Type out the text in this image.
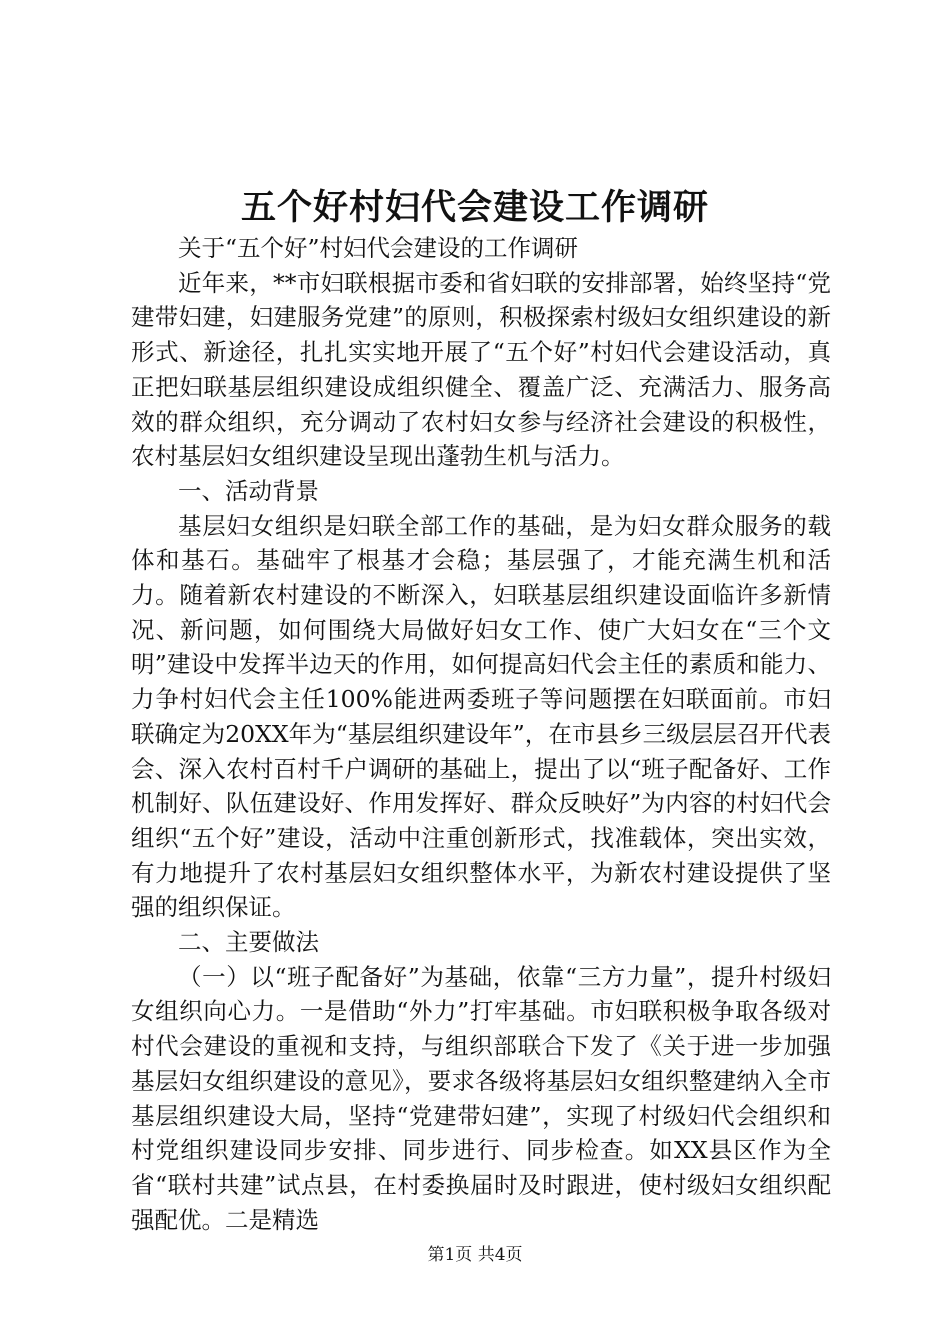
五个好村妇代会建设工作调研

关于“五个好”村妇代会建设的工作调研

近年来，**市妇联根据市委和省妇联的安排部署，始终坚持“党建带妇建，妇建服务党建”的原则，积极探索村级妇女组织建设的新形式、新途径，扎扎实实地开展了“五个好”村妇代会建设活动，真正把妇联基层组织建设成组织健全、覆盖广泛、充满活力、服务高效的群众组织，充分调动了农村妇女参与经济社会建设的积极性，农村基层妇女组织建设呈现出蓬勃生机与活力。

一、活动背景

基层妇女组织是妇联全部工作的基础，是为妇女群众服务的载体和基石。基础牢了根基才会稳；基层强了，才能充满生机和活力。随着新农村建设的不断深入，妇联基层组织建设面临许多新情况、新问题，如何围绕大局做好妇女工作、使广大妇女在“三个文明”建设中发挥半边天的作用，如何提高妇代会主任的素质和能力、力争村妇代会主任100%能进两委班子等问题摆在妇联面前。市妇联确定为20XX年为“基层组织建设年”，在市县乡三级层层召开代表会、深入农村百村千户调研的基础上，提出了以“班子配备好、工作机制好、队伍建设好、作用发挥好、群众反映好”为内容的村妇代会组织“五个好”建设，活动中注重创新形式，找准载体，突出实效，有力地提升了农村基层妇女组织整体水平，为新农村建设提供了坚强的组织保证。

二、主要做法

（一）以“班子配备好”为基础，依靠“三方力量”，提升村级妇女组织向心力。一是借助“外力”打牢基础。市妇联积极争取各级对村代会建设的重视和支持，与组织部联合下发了《关于进一步加强基层妇女组织建设的意见》，要求各级将基层妇女组织整建纳入全市基层组织建设大局，坚持“党建带妇建”，实现了村级妇代会组织和村党组织建设同步安排、同步进行、同步检查。如XX县区作为全省“联村共建”试点县，在村委换届时及时跟进，使村级妇女组织配强配优。二是精选

第1页 共4页
